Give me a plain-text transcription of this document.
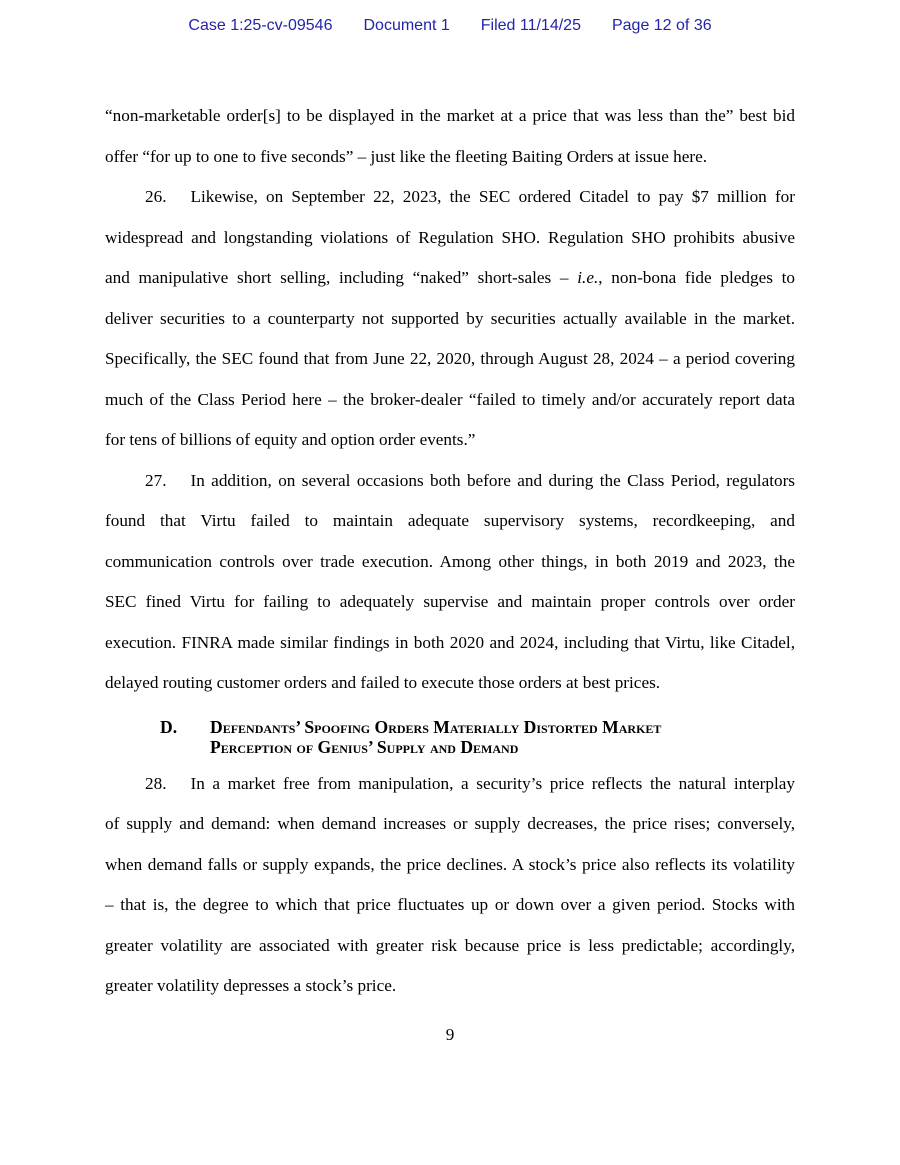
Case 1:25-cv-09546 Document 1 Filed 11/14/25 Page 12 of 36
“non-marketable order[s] to be displayed in the market at a price that was less than the” best bid
offer “for up to one to five seconds” – just like the fleeting Baiting Orders at issue here.
26. Likewise, on September 22, 2023, the SEC ordered Citadel to pay $7 million for
widespread and longstanding violations of Regulation SHO. Regulation SHO prohibits abusive
and manipulative short selling, including “naked” short-sales – i.e., non-bona fide pledges to
deliver securities to a counterparty not supported by securities actually available in the market.
Specifically, the SEC found that from June 22, 2020, through August 28, 2024 – a period covering
much of the Class Period here – the broker-dealer “failed to timely and/or accurately report data
for tens of billions of equity and option order events.”
27. In addition, on several occasions both before and during the Class Period, regulators
found that Virtu failed to maintain adequate supervisory systems, recordkeeping, and
communication controls over trade execution. Among other things, in both 2019 and 2023, the
SEC fined Virtu for failing to adequately supervise and maintain proper controls over order
execution. FINRA made similar findings in both 2020 and 2024, including that Virtu, like Citadel,
delayed routing customer orders and failed to execute those orders at best prices.
D.	Defendants’ Spoofing Orders Materially Distorted Market
Perception of Genius’ Supply and Demand
28. In a market free from manipulation, a security’s price reflects the natural interplay
of supply and demand: when demand increases or supply decreases, the price rises; conversely,
when demand falls or supply expands, the price declines. A stock’s price also reflects its volatility
– that is, the degree to which that price fluctuates up or down over a given period. Stocks with
greater volatility are associated with greater risk because price is less predictable; accordingly,
greater volatility depresses a stock’s price.
9
